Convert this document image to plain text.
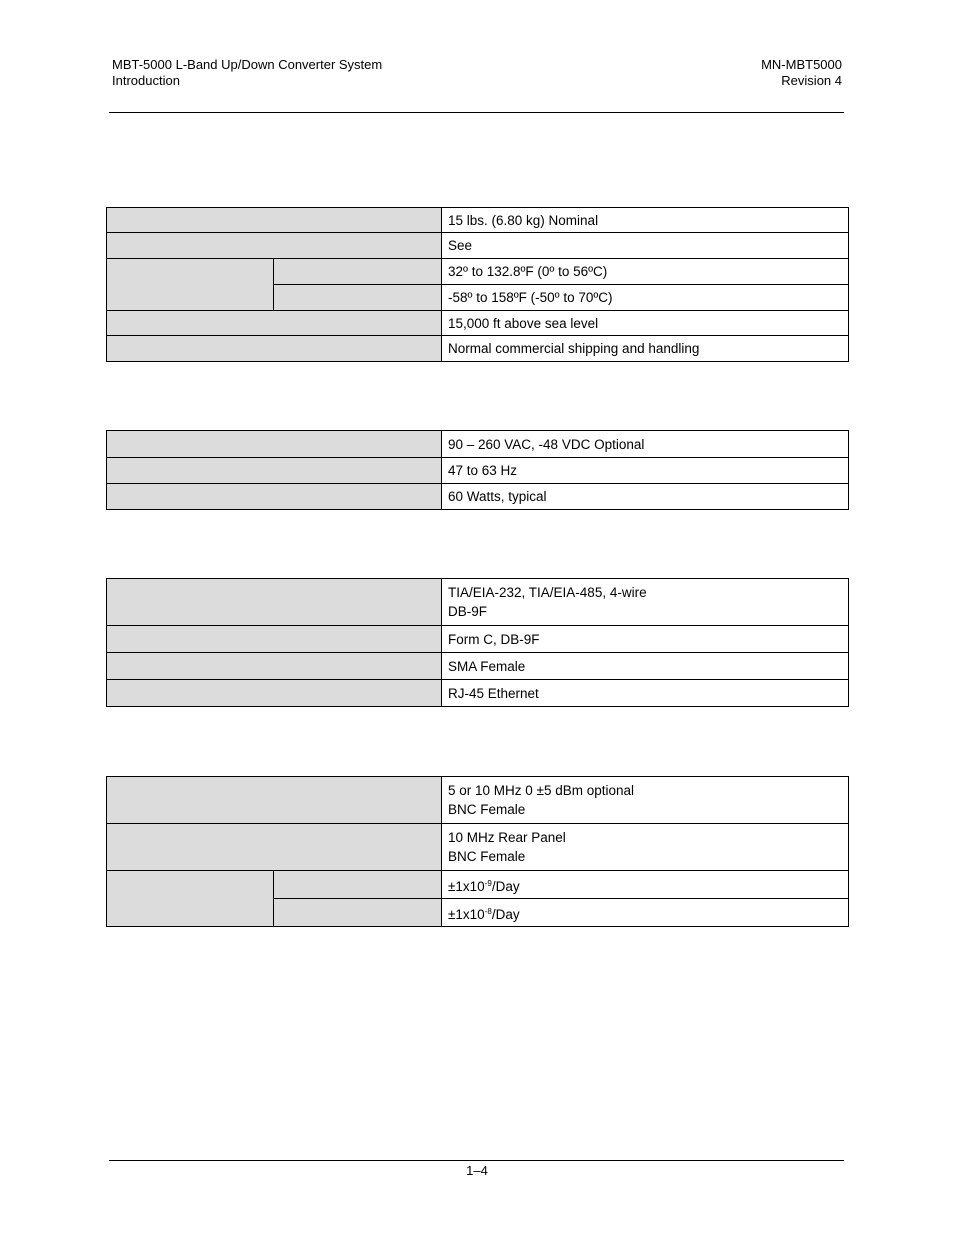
MBT-5000 L-Band Up/Down Converter System
Introduction
MN-MBT5000
Revision 4
		15 lbs. (6.80 kg) Nominal
		See
		32º to 132.8ºF (0º to 56ºC)
		-58º to 158ºF (-50º to 70ºC)
		15,000 ft above sea level
		Normal commercial shipping and handling
	90 – 260 VAC, -48 VDC Optional
	47 to 63 Hz
	60 Watts, typical

	TIA/EIA-232, TIA/EIA-485, 4-wire
DB-9F

	Form C, DB-9F
	SMA Female
	RJ-45 Ethernet

		5 or 10 MHz 0 ±5 dBm optional
BNC Female

		10 MHz Rear Panel
BNC Female

		$\pm 1x10^{-9}$/Day
		$\pm 1x10^{-8}$/Day
1–4
